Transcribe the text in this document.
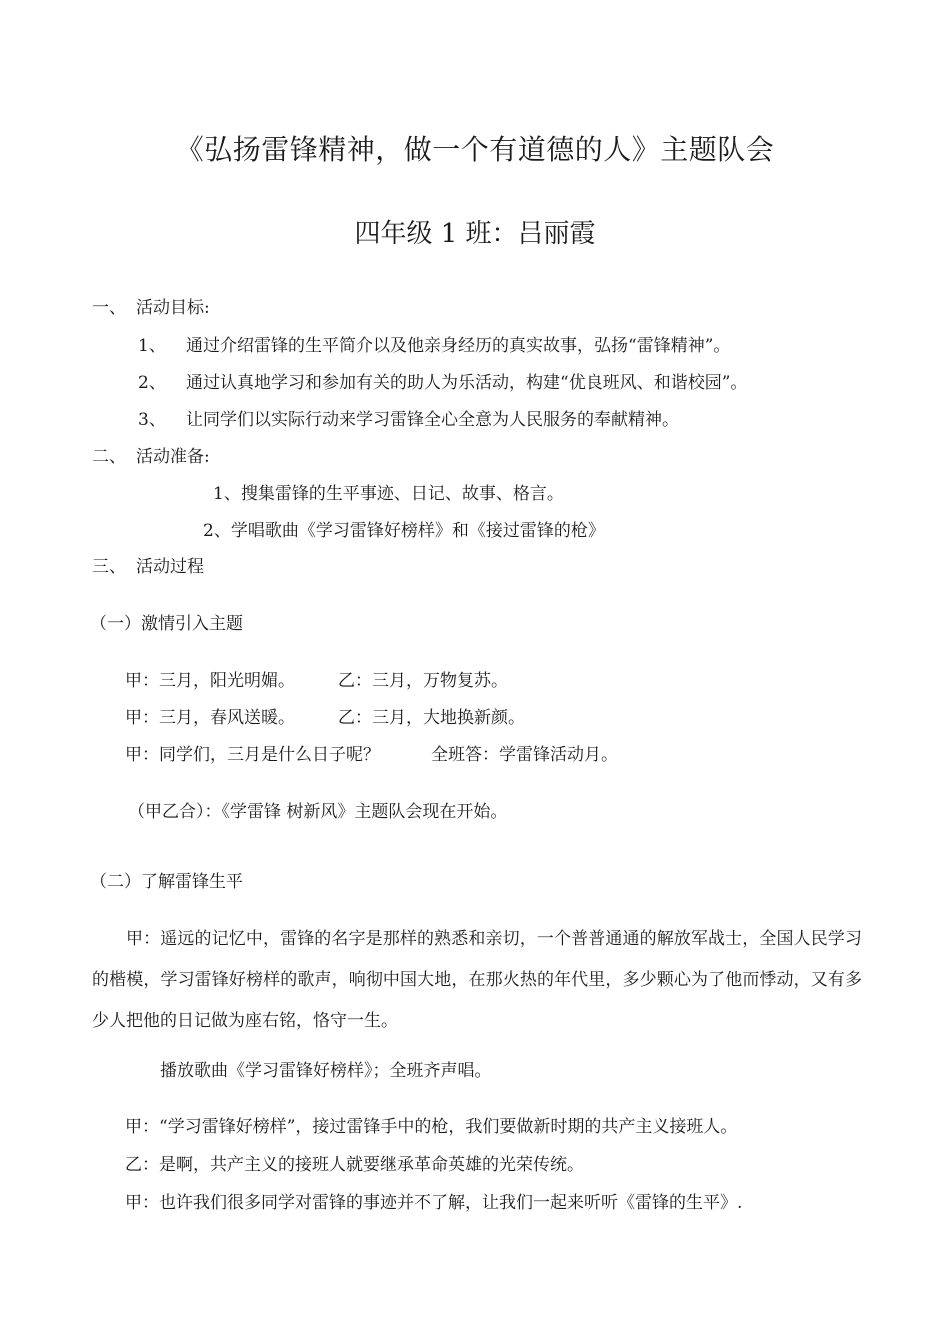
《弘扬雷锋精神，做一个有道德的人》主题队会
四年级 1 班：吕丽霞
一、 活动目标:
1、 通过介绍雷锋的生平简介以及他亲身经历的真实故事，弘扬“雷锋精神”。
2、 通过认真地学习和参加有关的助人为乐活动，构建“优良班风、和谐校园”。
3、 让同学们以实际行动来学习雷锋全心全意为人民服务的奉献精神。
二、 活动准备:
1、搜集雷锋的生平事迹、日记、故事、格言。
2、学唱歌曲《学习雷锋好榜样》和《接过雷锋的枪》
三、 活动过程
（一）激情引入主题
甲：三月，阳光明媚。	乙：三月，万物复苏。
甲：三月，春风送暖。	乙：三月，大地换新颜。
甲：同学们，三月是什么日子呢？	全班答：学雷锋活动月。
（甲乙合）：《学雷锋 树新风》主题队会现在开始。
（二）了解雷锋生平
甲：遥远的记忆中，雷锋的名字是那样的熟悉和亲切，一个普普通通的解放军战士，全国人民学习的楷模，学习雷锋好榜样的歌声，响彻中国大地，在那火热的年代里，多少颗心为了他而悸动，又有多少人把他的日记做为座右铭，恪守一生。
播放歌曲《学习雷锋好榜样》；全班齐声唱。
甲：“学习雷锋好榜样”，接过雷锋手中的枪，我们要做新时期的共产主义接班人。
乙：是啊，共产主义的接班人就要继承革命英雄的光荣传统。
甲：也许我们很多同学对雷锋的事迹并不了解，让我们一起来听听《雷锋的生平》.
